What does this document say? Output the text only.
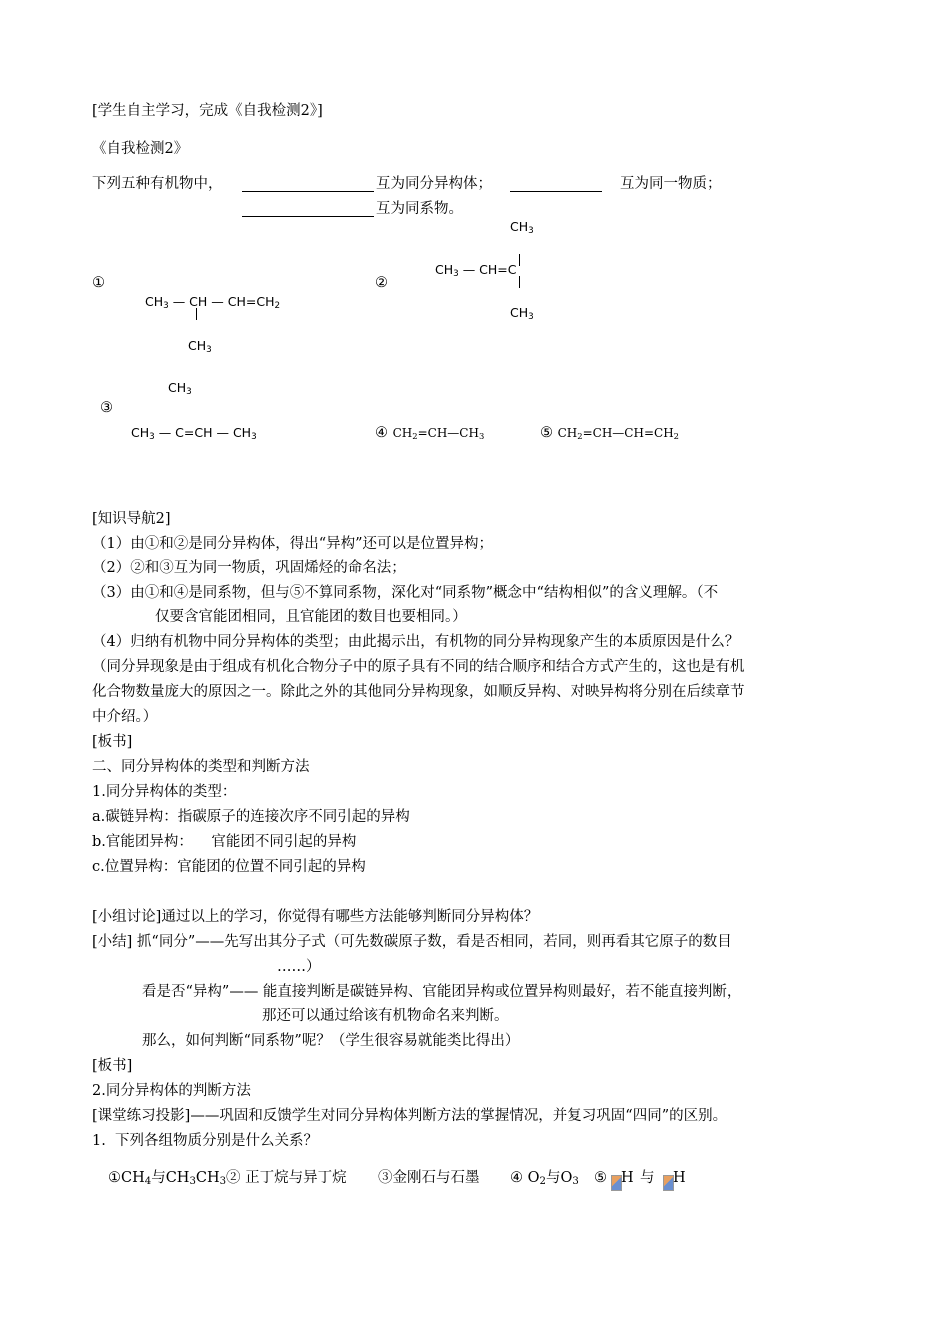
[学生自主学习，完成《自我检测2》]
《自我检测2》
下列五种有机物中，	互为同分异构体；	互为同一物质；
互为同系物。
①
$CH_3$ — CH — $CH=CH_2$
$CH_3$
$CH_3$
②
$CH_3$ — CH=C
$CH_3$
$CH_3$
③
$CH_3$ — C=CH — $CH_3$	④ $CH_2=CH—CH_3$	⑤ $CH_2=CH—CH=CH_2$
[知识导航2]
（1）由①和②是同分异构体，得出“异构”还可以是位置异构；
（2）②和③互为同一物质，巩固烯烃的命名法；
（3）由①和④是同系物，但与⑤不算同系物，深化对“同系物”概念中“结构相似”的含义理解。（不
仅要含官能团相同，且官能团的数目也要相同。）
（4）归纳有机物中同分异构体的类型；由此揭示出，有机物的同分异构现象产生的本质原因是什么？
（同分异现象是由于组成有机化合物分子中的原子具有不同的结合顺序和结合方式产生的，这也是有机
化合物数量庞大的原因之一。除此之外的其他同分异构现象，如顺反异构、对映异构将分别在后续章节
中介绍。）
[板书]
二、同分异构体的类型和判断方法
1.同分异构体的类型：
a.碳链异构：指碳原子的连接次序不同引起的异构
b.官能团异构：    官能团不同引起的异构
c.位置异构：官能团的位置不同引起的异构
[小组讨论]通过以上的学习，你觉得有哪些方法能够判断同分异构体？
[小结] 抓“同分”——先写出其分子式（可先数碳原子数，看是否相同，若同，则再看其它原子的数目
……）
看是否“异构”—— 能直接判断是碳链异构、官能团异构或位置异构则最好，若不能直接判断，
那还可以通过给该有机物命名来判断。
那么，如何判断“同系物”呢？（学生很容易就能类比得出）
[板书]
2.同分异构体的判断方法
[课堂练习投影]——巩固和反馈学生对同分异构体判断方法的掌握情况，并复习巩固“四同”的区别。
1.  下列各组物质分别是什么关系？
$①CH_4$与$CH_3CH_3$ ② 正丁烷与异丁烷 ③金刚石与石墨 ④ $O_2$与$O_3$ ⑤ H 与 H
